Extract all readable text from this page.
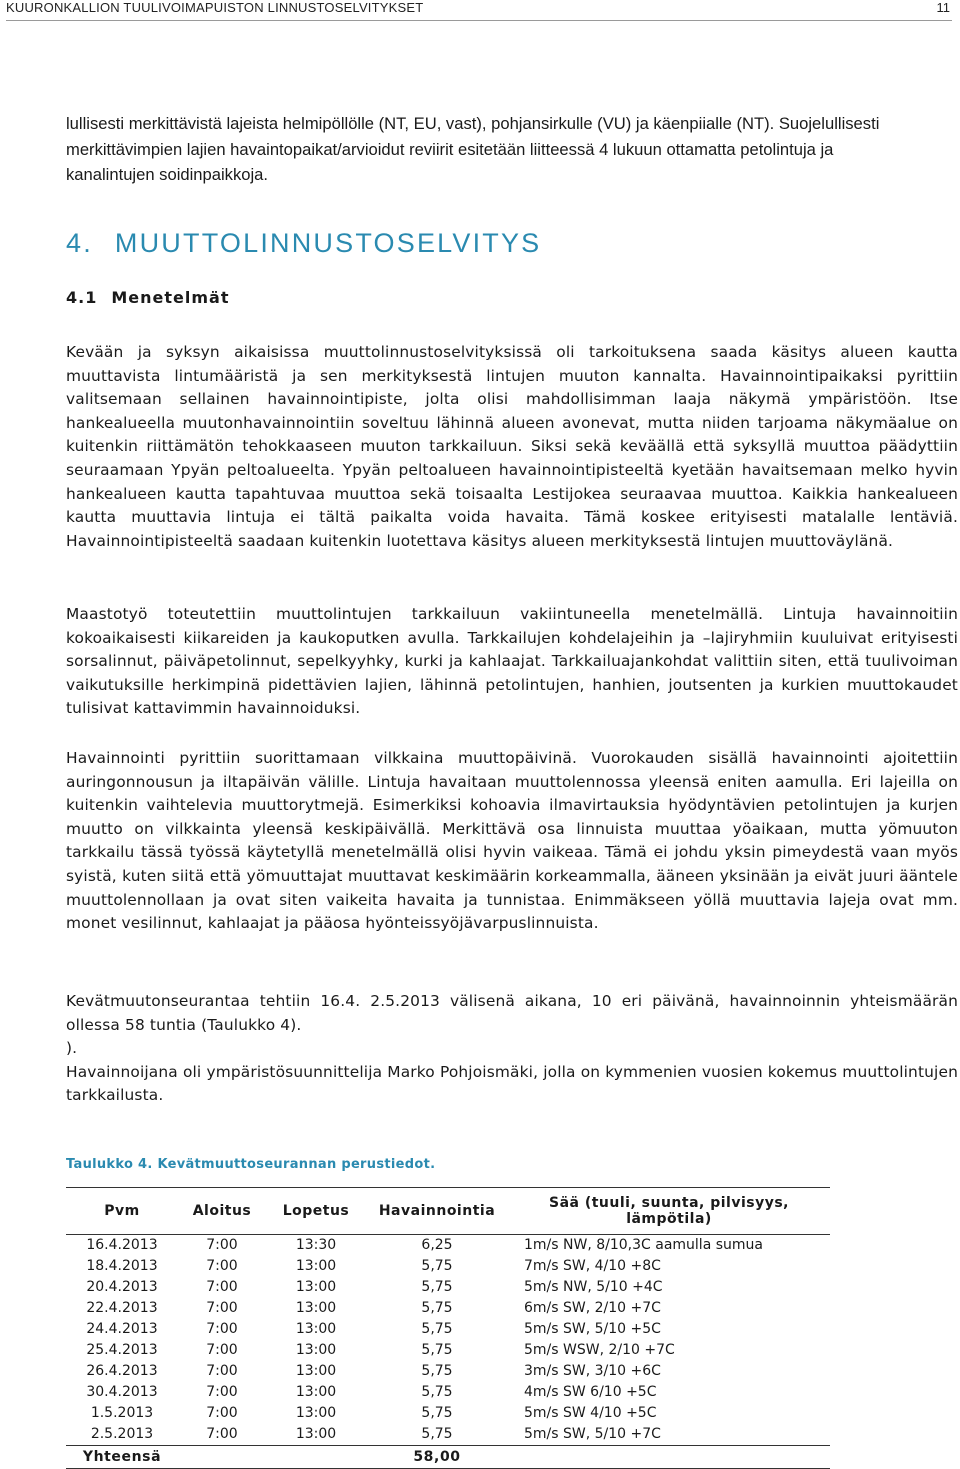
KUURONKALLION TUULIVOIMAPUISTON LINNUSTOSELVITYKSET	11

lullisesti merkittävistä lajeista helmipöllölle (NT, EU, vast), pohjansirkulle (VU) ja käenpiialle (NT). Suojelullisesti merkittävimpien lajien havaintopaikat/arvioidut reviirit esitetään liitteessä 4 lukuun ottamatta petolintuja ja kanalintujen soidinpaikkoja.

4. MUUTTOLINNUSTOSELVITYS
4.1 Menetelmät

Kevään ja syksyn aikaisissa muuttolinnustoselvityksissä oli tarkoituksena saada käsitys alueen kautta muuttavista lintumääristä ja sen merkityksestä lintujen muuton kannalta. Havainnointipaikaksi pyrittiin valitsemaan sellainen havainnointipiste, jolta olisi mahdollisimman laaja näkymä ympäristöön. Itse hankealueella muutonhavainnointiin soveltuu lähinnä alueen avonevat, mutta niiden tarjoama näkymäalue on kuitenkin riittämätön tehokkaaseen muuton tarkkailuun. Siksi sekä keväällä että syksyllä muuttoa päädyttiin seuraamaan Ypyän peltoalueelta. Ypyän peltoalueen havainnointipisteeltä kyetään havaitsemaan melko hyvin hankealueen kautta tapahtuvaa muuttoa sekä toisaalta Lestijokea seuraavaa muuttoa. Kaikkia hankealueen kautta muuttavia lintuja ei tältä paikalta voida havaita. Tämä koskee erityisesti matalalle lentäviä. Havainnointipisteeltä saadaan kuitenkin luotettava käsitys alueen merkityksestä lintujen muuttoväylänä.

Maastotyö toteutettiin muuttolintujen tarkkailuun vakiintuneella menetelmällä. Lintuja havainnoitiin kokoaikaisesti kiikareiden ja kaukoputken avulla. Tarkkailujen kohdelajeihin ja –lajiryhmiin kuuluivat erityisesti sorsalinnut, päiväpetolinnut, sepelkyyhky, kurki ja kahlaajat. Tarkkailuajankohdat valittiin siten, että tuulivoiman vaikutuksille herkimpinä pidettävien lajien, lähinnä petolintujen, hanhien, joutsenten ja kurkien muuttokaudet tulisivat kattavimmin havainnoiduksi.

Havainnointi pyrittiin suorittamaan vilkkaina muuttopäivinä. Vuorokauden sisällä havainnointi ajoitettiin auringonnousun ja iltapäivän välille. Lintuja havaitaan muuttolennossa yleensä eniten aamulla. Eri lajeilla on kuitenkin vaihtelevia muuttorytmejä. Esimerkiksi kohoavia ilmavirtauksia hyödyntävien petolintujen ja kurjen muutto on vilkkainta yleensä keskipäivällä. Merkittävä osa linnuista muuttaa yöaikaan, mutta yömuuton tarkkailu tässä työssä käytetyllä menetelmällä olisi hyvin vaikeaa. Tämä ei johdu yksin pimeydestä vaan myös syistä, kuten siitä että yömuuttajat muuttavat keskimäärin korkeammalla, ääneen yksinään ja eivät juuri ääntele muuttolennollaan ja ovat siten vaikeita havaita ja tunnistaa. Enimmäkseen yöllä muuttavia lajeja ovat mm. monet vesilinnut, kahlaajat ja pääosa hyönteissyöjävarpuslinnuista.

Kevätmuutonseurantaa tehtiin 16.4. 2.5.2013 välisenä aikana, 10 eri päivänä, havainnoinnin yhteismäärän ollessa 58 tuntia (Taulukko 4).
).
Havainnoijana oli ympäristösuunnittelija Marko Pohjoismäki, jolla on kymmenien vuosien kokemus muuttolintujen tarkkailusta.

Taulukko 4. Kevätmuuttoseurannan perustiedot.

Pvm	Aloitus	Lopetus	Havainnointia	Sää (tuuli, suunta, pilvisyys, lämpötila)
16.4.2013	7:00	13:30	6,25	1m/s NW, 8/10,3C aamulla sumua
18.4.2013	7:00	13:00	5,75	7m/s SW, 4/10 +8C
20.4.2013	7:00	13:00	5,75	5m/s NW, 5/10 +4C
22.4.2013	7:00	13:00	5,75	6m/s SW, 2/10 +7C
24.4.2013	7:00	13:00	5,75	5m/s SW, 5/10 +5C
25.4.2013	7:00	13:00	5,75	5m/s WSW, 2/10 +7C
26.4.2013	7:00	13:00	5,75	3m/s SW, 3/10 +6C
30.4.2013	7:00	13:00	5,75	4m/s SW 6/10 +5C
1.5.2013	7:00	13:00	5,75	5m/s SW 4/10 +5C
2.5.2013	7:00	13:00	5,75	5m/s SW, 5/10 +7C
Yhteensä			58,00	
